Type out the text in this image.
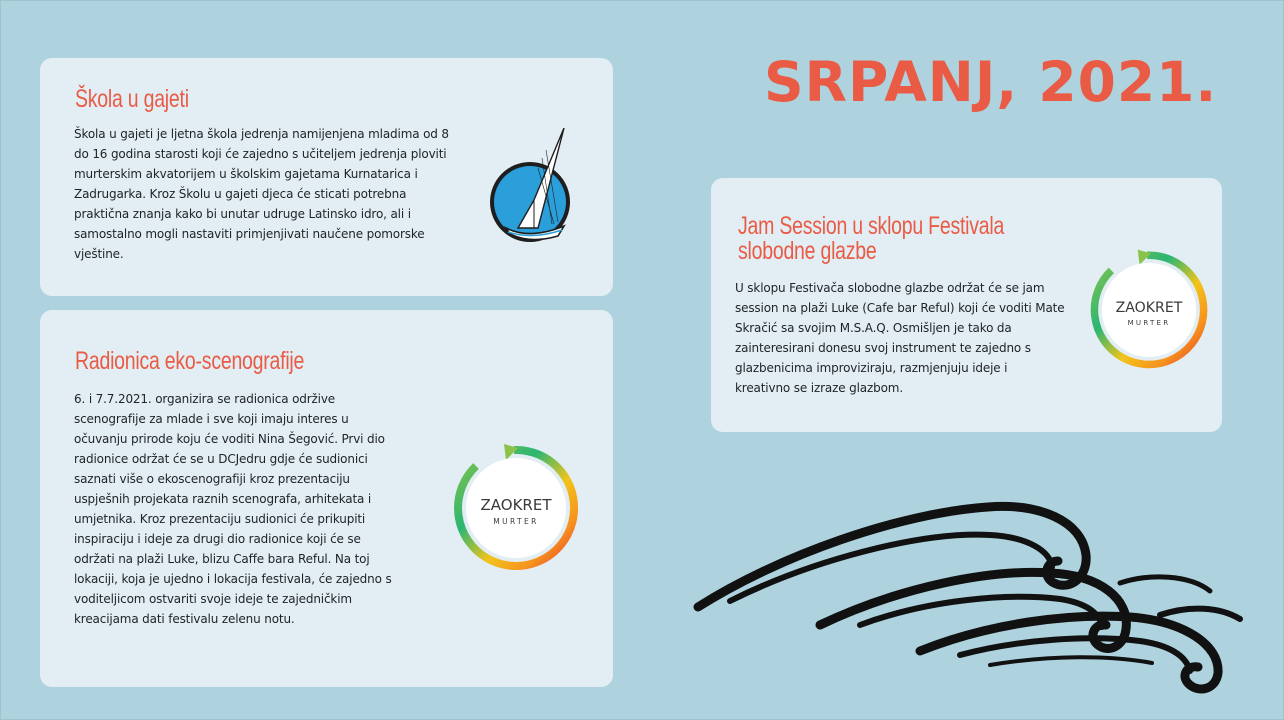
SRPANJ, 2021.
Škola u gajeti
Škola u gajeti je ljetna škola jedrenja namijenjena mladima od 8 do 16 godina starosti koji će zajedno s učiteljem jedrenja ploviti murterskim akvatorijem u školskim gajetama Kurnatarica i Zadrugarka. Kroz Školu u gajeti djeca će sticati potrebna praktična znanja kako bi unutar udruge Latinsko idro, ali i samostalno mogli nastaviti primjenjivati naučene pomorske vještine.
Radionica eko-scenografije
6. i 7.7.2021. organizira se radionica održive scenografije za mlade i sve koji imaju interes u očuvanju prirode koju će voditi Nina Šegović. Prvi dio radionice održat će se u DCJedru gdje će sudionici saznati više o ekoscenografiji kroz prezentaciju uspješnih projekata raznih scenografa, arhitekata i umjetnika. Kroz prezentaciju sudionici će prikupiti inspiraciju i ideje za drugi dio radionice koji će se održati na plaži Luke, blizu Caffe bara Reful. Na toj lokaciji, koja je ujedno i lokacija festivala, će zajedno s voditeljicom ostvariti svoje ideje te zajedničkim kreacijama dati festivalu zelenu notu.
ZAOKRET
MURTER
Jam Session u sklopu Festivala
slobodne glazbe
U sklopu Festivača slobodne glazbe održat će se jam session na plaži Luke (Cafe bar Reful) koji će voditi Mate Skračić sa svojim M.S.A.Q. Osmišljen je tako da zainteresirani donesu svoj instrument te zajedno s glazbenicima improviziraju, razmjenjuju ideje i kreativno se izraze glazbom.
ZAOKRET
MURTER
